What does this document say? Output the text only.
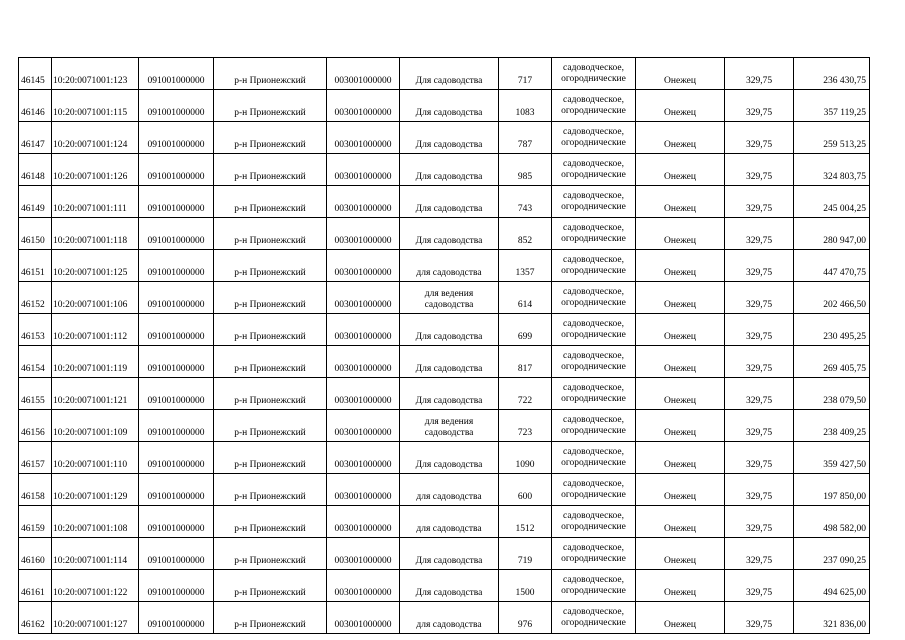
46145	10:20:0071001:123	091001000000	р-н Прионежский	003001000000	Для садоводства	717	садоводческое, огороднические	Онежец	329,75	236 430,75
46146	10:20:0071001:115	091001000000	р-н Прионежский	003001000000	Для садоводства	1083	садоводческое, огороднические	Онежец	329,75	357 119,25
46147	10:20:0071001:124	091001000000	р-н Прионежский	003001000000	Для садоводства	787	садоводческое, огороднические	Онежец	329,75	259 513,25
46148	10:20:0071001:126	091001000000	р-н Прионежский	003001000000	Для садоводства	985	садоводческое, огороднические	Онежец	329,75	324 803,75
46149	10:20:0071001:111	091001000000	р-н Прионежский	003001000000	Для садоводства	743	садоводческое, огороднические	Онежец	329,75	245 004,25
46150	10:20:0071001:118	091001000000	р-н Прионежский	003001000000	Для садоводства	852	садоводческое, огороднические	Онежец	329,75	280 947,00
46151	10:20:0071001:125	091001000000	р-н Прионежский	003001000000	для садоводства	1357	садоводческое, огороднические	Онежец	329,75	447 470,75
46152	10:20:0071001:106	091001000000	р-н Прионежский	003001000000	для ведения садоводства	614	садоводческое, огороднические	Онежец	329,75	202 466,50
46153	10:20:0071001:112	091001000000	р-н Прионежский	003001000000	Для садоводства	699	садоводческое, огороднические	Онежец	329,75	230 495,25
46154	10:20:0071001:119	091001000000	р-н Прионежский	003001000000	Для садоводства	817	садоводческое, огороднические	Онежец	329,75	269 405,75
46155	10:20:0071001:121	091001000000	р-н Прионежский	003001000000	Для садоводства	722	садоводческое, огороднические	Онежец	329,75	238 079,50
46156	10:20:0071001:109	091001000000	р-н Прионежский	003001000000	для ведения садоводства	723	садоводческое, огороднические	Онежец	329,75	238 409,25
46157	10:20:0071001:110	091001000000	р-н Прионежский	003001000000	Для садоводства	1090	садоводческое, огороднические	Онежец	329,75	359 427,50
46158	10:20:0071001:129	091001000000	р-н Прионежский	003001000000	для садоводства	600	садоводческое, огороднические	Онежец	329,75	197 850,00
46159	10:20:0071001:108	091001000000	р-н Прионежский	003001000000	для садоводства	1512	садоводческое, огороднические	Онежец	329,75	498 582,00
46160	10:20:0071001:114	091001000000	р-н Прионежский	003001000000	Для садоводства	719	садоводческое, огороднические	Онежец	329,75	237 090,25
46161	10:20:0071001:122	091001000000	р-н Прионежский	003001000000	Для садоводства	1500	садоводческое, огороднические	Онежец	329,75	494 625,00
46162	10:20:0071001:127	091001000000	р-н Прионежский	003001000000	для садоводства	976	садоводческое, огороднические	Онежец	329,75	321 836,00
